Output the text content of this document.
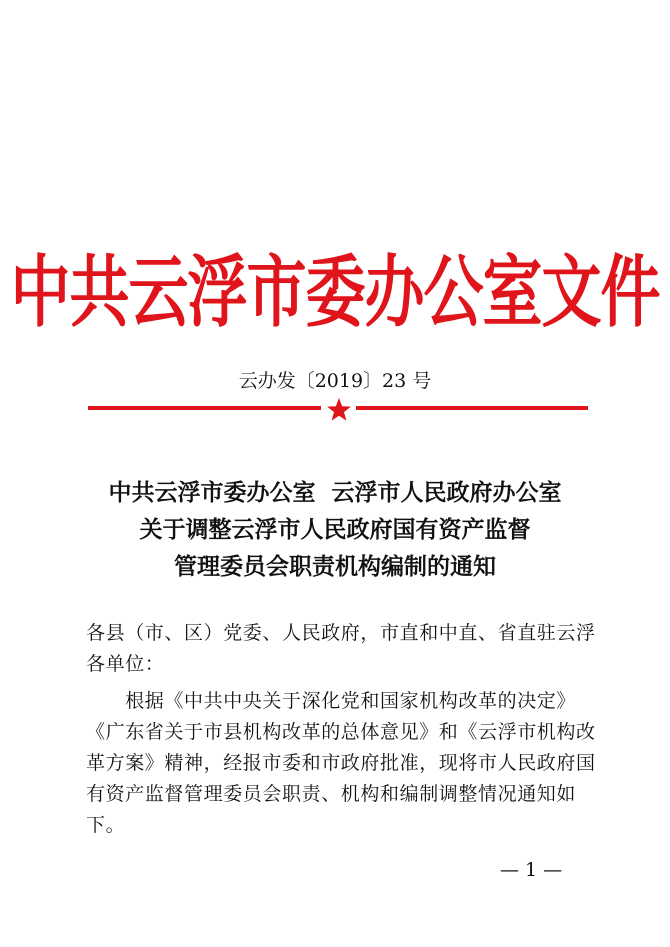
中共云浮市委办公室文件
云办发〔2019〕23 号
中共云浮市委办公室  云浮市人民政府办公室
关于调整云浮市人民政府国有资产监督
管理委员会职责机构编制的通知
各县（市、区）党委、人民政府，市直和中直、省直驻云浮各单位：
　　根据《中共中央关于深化党和国家机构改革的决定》
《广东省关于市县机构改革的总体意见》和《云浮市机构改
革方案》精神，经报市委和市政府批准，现将市人民政府国
有资产监督管理委员会职责、机构和编制调整情况通知如
下。
— 1 —
